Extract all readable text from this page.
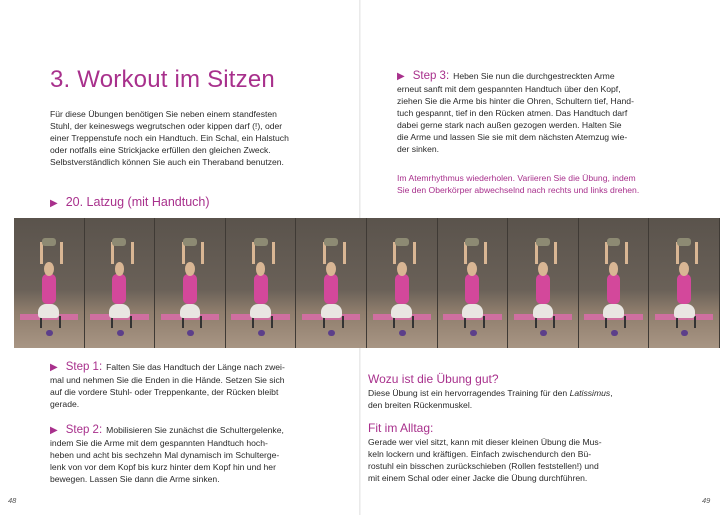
3. Workout im Sitzen
Für diese Übungen benötigen Sie neben einem standfesten
Stuhl, der keineswegs wegrutschen oder kippen darf (!), oder
einer Treppenstufe noch ein Handtuch. Ein Schal, ein Halstuch
oder notfalls eine Strickjacke erfüllen den gleichen Zweck.
Selbstverständlich können Sie auch ein Theraband benutzen.
▶ 20. Latzug (mit Handtuch)
▶ Step 1: Falten Sie das Handtuch der Länge nach zwei-
mal und nehmen Sie die Enden in die Hände. Setzen Sie sich
auf die vordere Stuhl- oder Treppenkante, der Rücken bleibt
gerade.
▶ Step 2: Mobilisieren Sie zunächst die Schultergelenke,
indem Sie die Arme mit dem gespannten Handtuch hoch-
heben und acht bis sechzehn Mal dynamisch im Schulterge-
lenk von vor dem Kopf bis kurz hinter dem Kopf hin und her
bewegen. Lassen Sie dann die Arme sinken.
48
▶ Step 3: Heben Sie nun die durchgestreckten Arme
erneut sanft mit dem gespannten Handtuch über den Kopf,
ziehen Sie die Arme bis hinter die Ohren, Schultern tief, Hand-
tuch gespannt, tief in den Rücken atmen. Das Handtuch darf
dabei gerne stark nach außen gezogen werden. Halten Sie
die Arme und lassen Sie sie mit dem nächsten Atemzug wie-
der sinken.
Im Atemrhythmus wiederholen. Variieren Sie die Übung, indem
Sie den Oberkörper abwechselnd nach rechts und links drehen.
Wozu ist die Übung gut?
Diese Übung ist ein hervorragendes Training für den Latissimus,
den breiten Rückenmuskel.
Fit im Alltag:
Gerade wer viel sitzt, kann mit dieser kleinen Übung die Mus-
keln lockern und kräftigen. Einfach zwischendurch den Bü-
rostuhl ein bisschen zurückschieben (Rollen feststellen!) und
mit einem Schal oder einer Jacke die Übung durchführen.
49
